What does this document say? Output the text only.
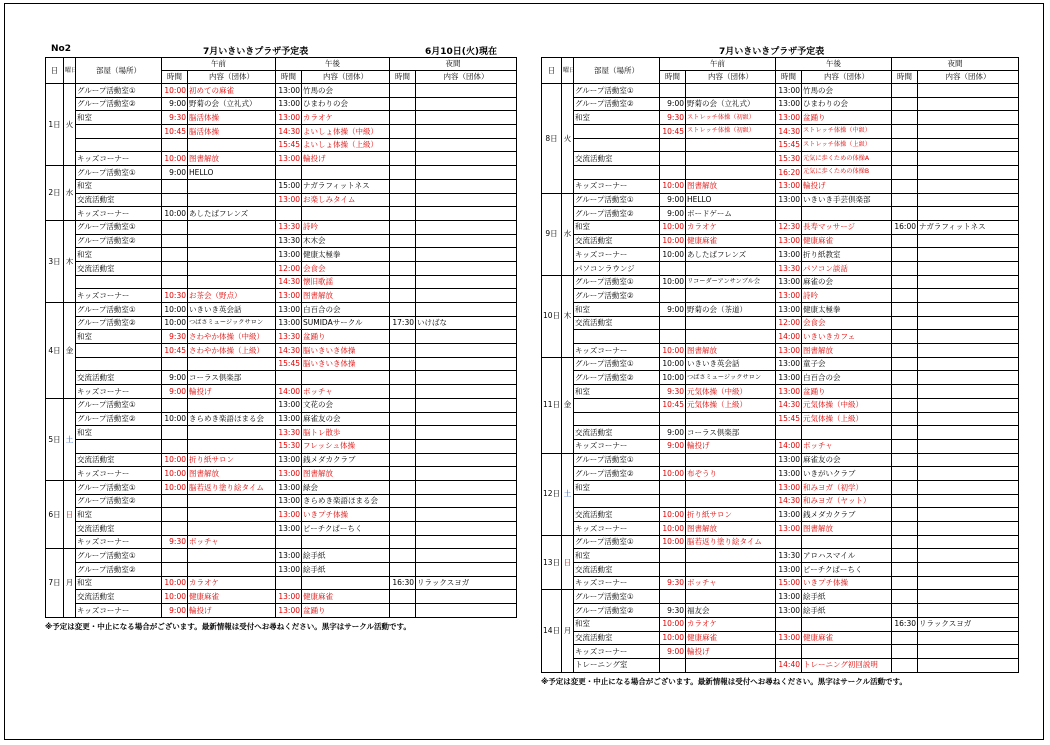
No2	7月いきいきプラザ予定表	6月10日(火)現在
日	曜日	部屋（場所）	午前		午後		夜間	
			時間	内容（団体）	時間	内容（団体）	時間	内容（団体）
1日	火	グループ活動室①	10:00	初めての麻雀	13:00	竹馬の会		
		グループ活動室②	9:00	野菊の会（立礼式）	13:00	ひまわりの会		
		和室	9:30	脳活体操	13:00	カラオケ		
			10:45	脳活体操	14:30	よいしょ体操（中級）		
					15:45	よいしょ体操（上級）		
		キッズコーナー	10:00	图書解放	13:00	輪投げ		
2日	水	グループ活動室①	9:00	HELLO				
		和室			15:00	ナガラフィットネス		
		交流活動室			13:00	お楽しみタイム		
		キッズコーナー	10:00	あしたばフレンズ				
3日	木	グループ活動室①			13:30	詩吟		
		グループ活動室②			13:30	木木会		
		和室			13:00	健康太極拳		
		交流活動室			12:00	会食会		
					14:30	懐旧歌謡		
		キッズコーナー	10:30	お茶会（野点）	13:00	图書解放		
4日	金	グループ活動室①	10:00	いきいき英会話	13:00	白百合の会		
		グループ活動室②	10:00	つばさミュージックサロン	13:00	SUMIDAサークル	17:30	いけばな
		和室	9:30	さわやか体操（中級）	13:30	盆踊り		
			10:45	さわやか体操（上級）	14:30	脳いきいき体操		
					15:45	脳いきいき体操		
		交流活動室	9:00	コーラス倶楽部				
		キッズコーナー	9:00	輪投げ	14:00	ボッチャ		
5日	土	グループ活動室①			13:00	文花の会		
		グループ活動室②	10:00	きらめき楽語ほまる会	13:00	麻雀友の会		
		和室			13:30	脳トレ散歩		
					15:30	フレッシュ体操		
		交流活動室	10:00	折り紙サロン	13:00	銭メダカクラブ		
		キッズコーナー	10:00	图書解放	13:00	图書解放		
6日	日	グループ活動室①	10:00	脳若返り塗り絵タイム	13:00	緑会		
		グループ活動室②			13:00	きらめき楽語ほまる会		
		和室			13:00	いきプチ体操		
		交流活動室			13:00	ピーチクぱーちく		
		キッズコーナー	9:30	ボッチャ				
7日	月	グループ活動室①			13:00	絵手紙		
		グループ活動室②			13:00	絵手紙		
		和室	10:00	カラオケ			16:30	リラックスヨガ
		交流活動室	10:00	健康麻雀	13:00	健康麻雀		
		キッズコーナー	9:00	輪投げ	13:00	盆踊り		
※予定は変更・中止になる場合がございます。最新情報は受付へお尋ねください。黒字はサークル活動です。
7月いきいきプラザ予定表
日	曜日	部屋（場所）	午前		午後		夜間	
			時間	内容（団体）	時間	内容（団体）	時間	内容（団体）
8日	火	グループ活動室①			13:00	竹馬の会		
		グループ活動室②	9:00	野菊の会（立礼式）	13:00	ひまわりの会		
		和室	9:30	ストレッチ体操（初級）	13:00	盆踊り		
			10:45	ストレッチ体操（初級）	14:30	ストレッチ体操（中級）		
					15:45	ストレッチ体操（上級）		
		交流活動室			15:30	元気に歩くための体操A		
					16:20	元気に歩くための体操B		
		キッズコーナー	10:00	图書解放	13:00	輪投げ		
9日	水	グループ活動室①	9:00	HELLO	13:00	いきいき手芸倶楽部		
		グループ活動室②	9:00	ボードゲーム				
		和室	10:00	カラオケ	12:30	長寿マッサージ	16:00	ナガラフィットネス
		交流活動室	10:00	健康麻雀	13:00	健康麻雀		
		キッズコーナー	10:00	あしたばフレンズ	13:00	折り紙教室		
		パソコンラウンジ			13:30	パソコン談話		
10日	木	グループ活動室①	10:00	リコーダーアンサンブル会	13:00	麻雀の会		
		グループ活動室②			13:00	詩吟		
		和室	9:00	野菊の会（茶道）	13:00	健康太極拳		
		交流活動室			12:00	会食会		
					14:00	いきいきカフェ		
		キッズコーナー	10:00	图書解放	13:00	图書解放		
11日	金	グループ活動室①	10:00	いきいき英会話	13:00	童子会		
		グループ活動室②	10:00	つばさミュージックサロン	13:00	白百合の会		
		和室	9:30	元気体操（中級）	13:00	盆踊り		
			10:45	元気体操（上級）	14:30	元気体操（中級）		
					15:45	元気体操（上級）		
		交流活動室	9:00	コーラス倶楽部				
		キッズコーナー	9:00	輪投げ	14:00	ボッチャ		
12日	土	グループ活動室①			13:00	麻雀友の会		
		グループ活動室②	10:00	布ぞうり	13:00	いきがいクラブ		
		和室			13:00	和みヨガ（初学）		
					14:30	和みヨガ（ヤット）		
		交流活動室	10:00	折り紙サロン	13:00	銭メダカクラブ		
		キッズコーナー	10:00	图書解放	13:00	图書解放		
13日	日	グループ活動室①	10:00	脳若返り塗り絵タイム				
		和室			13:30	アロハスマイル		
		交流活動室			13:00	ピーチクぱーちく		
		キッズコーナー	9:30	ボッチャ	15:00	いきプチ体操		
14日	月	グループ活動室①			13:00	絵手紙		
		グループ活動室②	9:30	福友会	13:00	絵手紙		
		和室	10:00	カラオケ			16:30	リラックスヨガ
		交流活動室	10:00	健康麻雀	13:00	健康麻雀		
		キッズコーナー	9:00	輪投げ				
		トレーニング室			14:40	トレーニング初回説明		
※予定は変更・中止になる場合がございます。最新情報は受付へお尋ねください。黒字はサークル活動です。
